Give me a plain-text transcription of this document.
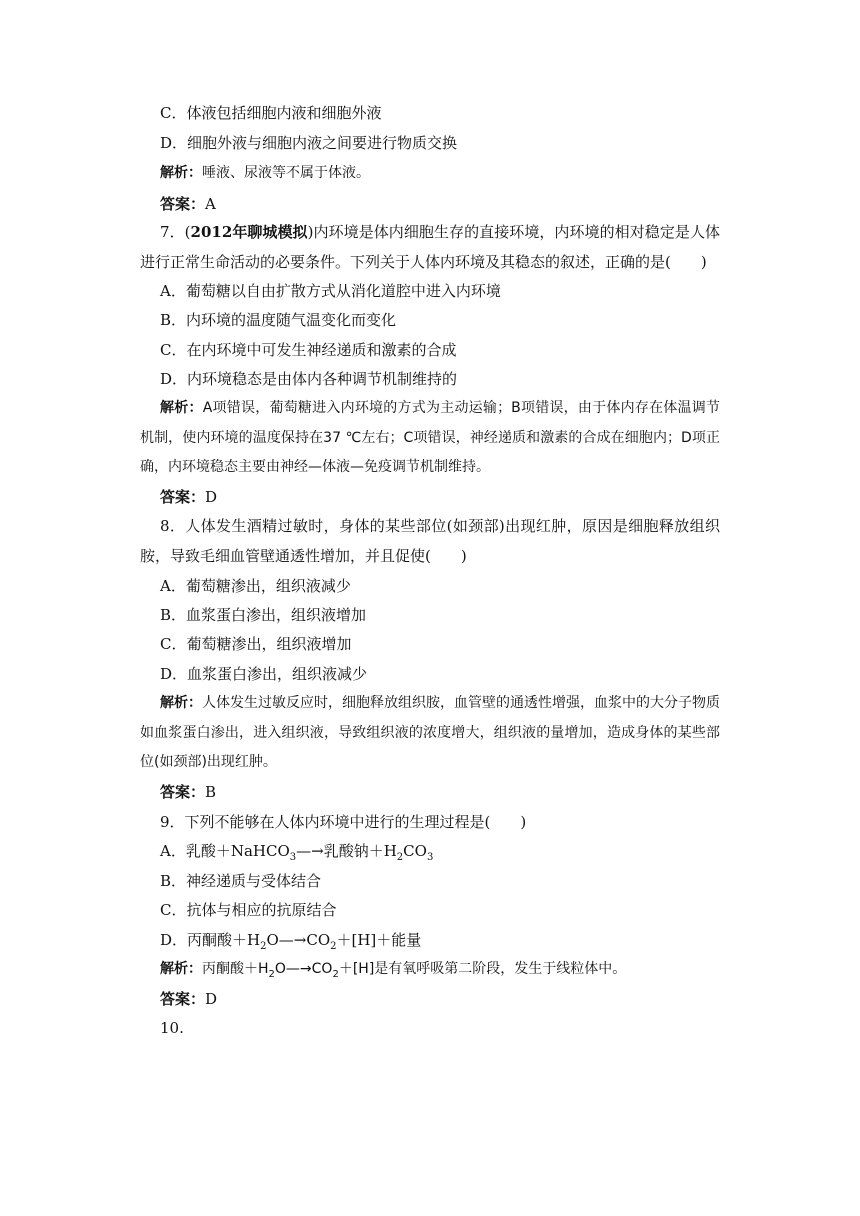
C．体液包括细胞内液和细胞外液
D．细胞外液与细胞内液之间要进行物质交换
解析：唾液、尿液等不属于体液。
答案：A
7．(2012年聊城模拟)内环境是体内细胞生存的直接环境，内环境的相对稳定是人体进行正常生命活动的必要条件。下列关于人体内环境及其稳态的叙述，正确的是(　　)
A．葡萄糖以自由扩散方式从消化道腔中进入内环境
B．内环境的温度随气温变化而变化
C．在内环境中可发生神经递质和激素的合成
D．内环境稳态是由体内各种调节机制维持的
解析：A项错误，葡萄糖进入内环境的方式为主动运输；B项错误，由于体内存在体温调节机制，使内环境的温度保持在37 ℃左右；C项错误，神经递质和激素的合成在细胞内；D项正确，内环境稳态主要由神经—体液—免疫调节机制维持。
答案：D
8．人体发生酒精过敏时，身体的某些部位(如颈部)出现红肿，原因是细胞释放组织胺，导致毛细血管壁通透性增加，并且促使(　　)
A．葡萄糖渗出，组织液减少
B．血浆蛋白渗出，组织液增加
C．葡萄糖渗出，组织液增加
D．血浆蛋白渗出，组织液减少
解析：人体发生过敏反应时，细胞释放组织胺，血管壁的通透性增强，血浆中的大分子物质如血浆蛋白渗出，进入组织液，导致组织液的浓度增大，组织液的量增加，造成身体的某些部位(如颈部)出现红肿。
答案：B
9．下列不能够在人体内环境中进行的生理过程是(　　)
A．乳酸＋NaHCO$_3$—→乳酸钠$+H_2CO_3$
B．神经递质与受体结合
C．抗体与相应的抗原结合
D．丙酮酸$+H_2O—\to CO_2+[H]+$能量
解析：丙酮酸$+H_2O—\to CO_2+[H]$是有氧呼吸第二阶段，发生于线粒体中。
答案：D
10.
